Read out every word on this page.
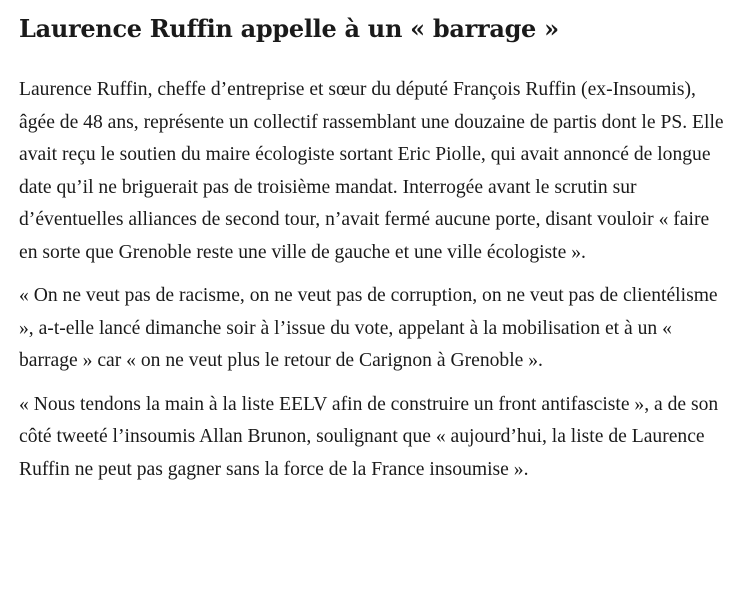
Laurence Ruffin appelle à un « barrage »

Laurence Ruffin, cheffe d’entreprise et sœur du député François Ruffin (ex-Insoumis), âgée de 48 ans, représente un collectif rassemblant une douzaine de partis dont le PS. Elle avait reçu le soutien du maire écologiste sortant Eric Piolle, qui avait annoncé de longue date qu’il ne briguerait pas de troisième mandat. Interrogée avant le scrutin sur d’éventuelles alliances de second tour, n’avait fermé aucune porte, disant vouloir « faire en sorte que Grenoble reste une ville de gauche et une ville écologiste ».

« On ne veut pas de racisme, on ne veut pas de corruption, on ne veut pas de clientélisme », a-t-elle lancé dimanche soir à l’issue du vote, appelant à la mobilisation et à un « barrage » car « on ne veut plus le retour de Carignon à Grenoble ».

« Nous tendons la main à la liste EELV afin de construire un front antifasciste », a de son côté tweeté l’insoumis Allan Brunon, soulignant que « aujourd’hui, la liste de Laurence Ruffin ne peut pas gagner sans la force de la France insoumise ».
